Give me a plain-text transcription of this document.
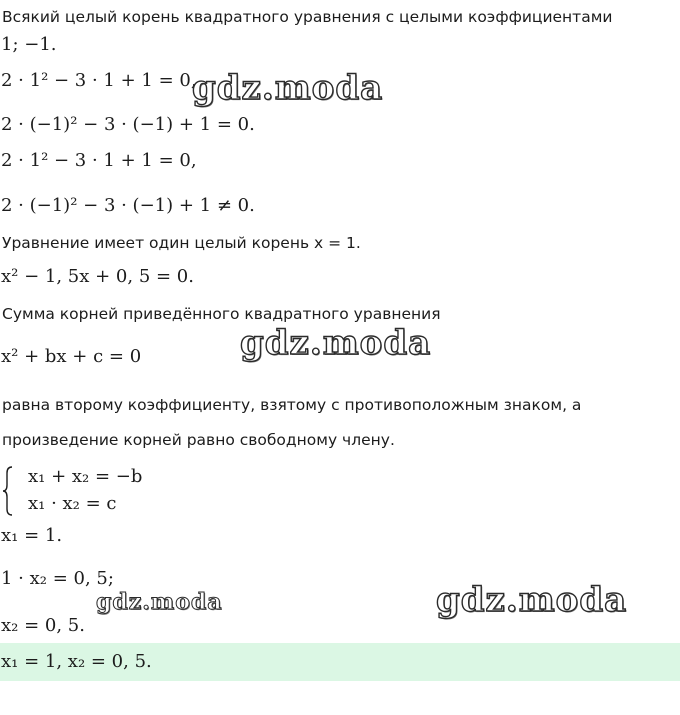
Всякий целый корень квадратного уравнения с целыми коэффициентами
1; −1.
2 · 1² − 3 · 1 + 1 = 0,
2 · (−1)² − 3 · (−1) + 1 = 0.
2 · 1² − 3 · 1 + 1 = 0,
2 · (−1)² − 3 · (−1) + 1 ≠ 0.
Уравнение имеет один целый корень x = 1.
x² − 1, 5x + 0, 5 = 0.
Сумма корней приведённого квадратного уравнения
x² + bx + c = 0
равна второму коэффициенту, взятому с противоположным знаком, а
произведение корней равно свободному члену.
x₁ + x₂ = −b
x₁ · x₂ = c
x₁ = 1.
1 · x₂ = 0, 5;
x₂ = 0, 5.
x₁ = 1, x₂ = 0, 5.
gdz.moda
gdz.moda
gdz.moda
gdz.moda
